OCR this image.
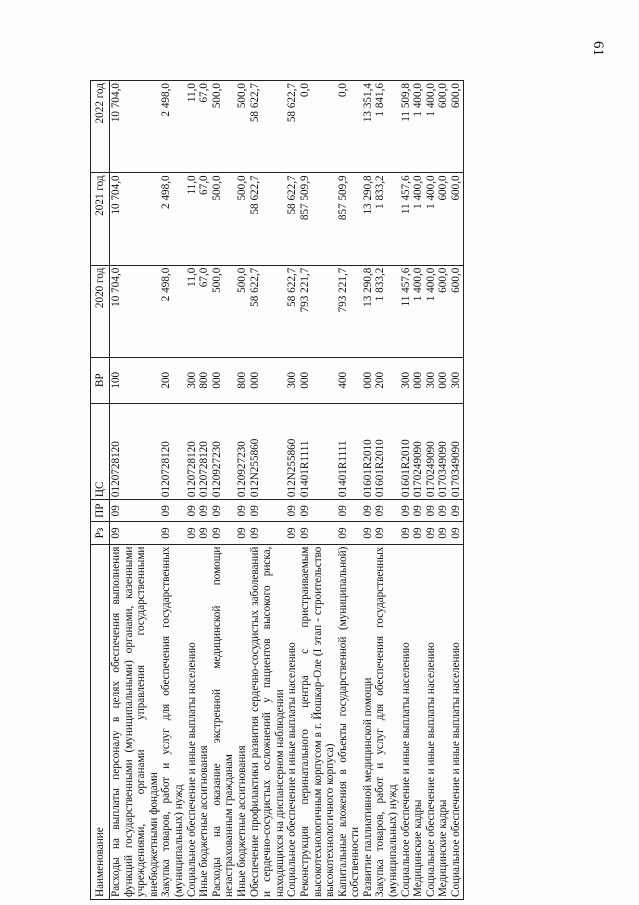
61
Наименование	Рз	ПР	ЦС	ВР	2020 год	2021 год	2022 год
Расходы на выплаты персоналу в целях обеспечения выполнения функций государственными (муниципальными) органами, казенными учреждениями, органами управления государственными внебюджетными фондами	09	09	0120728120	100	10 704,0	10 704,0	10 704,0
Закупка товаров, работ и услуг для обеспечения государственных (муниципальных) нужд	09	09	0120728120	200	2 498,0	2 498,0	2 498,0
Социальное обеспечение и иные выплаты населению	09	09	0120728120	300	11,0	11,0	11,0
Иные бюджетные ассигнования	09	09	0120728120	800	67,0	67,0	67,0
Расходы на оказание экстренной медицинской помощи незастрахованным гражданам	09	09	0120927230	000	500,0	500,0	500,0
Иные бюджетные ассигнования	09	09	0120927230	800	500,0	500,0	500,0
Обеспечение профилактики развития сердечно-сосудистых заболеваний и сердечно-сосудистых осложнений у пациентов высокого риска, находящихся на диспансерном наблюдении	09	09	012N255860	000	58 622,7	58 622,7	58 622,7
Социальное обеспечение и иные выплаты населению	09	09	012N255860	300	58 622,7	58 622,7	58 622,7
Реконструкция перинатального центра с пристраиваемым высокотехнологичным корпусом в г. Йошкар-Оле (I этап - строительство высокотехнологичного корпуса)	09	09	01401R1111	000	793 221,7	857 509,9	0,0
Капитальные вложения в объекты государственной (муниципальной) собственности	09	09	01401R1111	400	793 221,7	857 509,9	0,0
Развитие паллиативной медицинской помощи	09	09	01601R2010	000	13 290,8	13 290,8	13 351,4
Закупка товаров, работ и услуг для обеспечения государственных (муниципальных) нужд	09	09	01601R2010	200	1 833,2	1 833,2	1 841,6
Социальное обеспечение и иные выплаты населению	09	09	01601R2010	300	11 457,6	11 457,6	11 509,8
Медицинские кадры	09	09	0170249090	000	1 400,0	1 400,0	1 400,0
Социальное обеспечение и иные выплаты населению	09	09	0170249090	300	1 400,0	1 400,0	1 400,0
Медицинские кадры	09	09	0170349090	000	600,0	600,0	600,0
Социальное обеспечение и иные выплаты населению	09	09	0170349090	300	600,0	600,0	600,0
